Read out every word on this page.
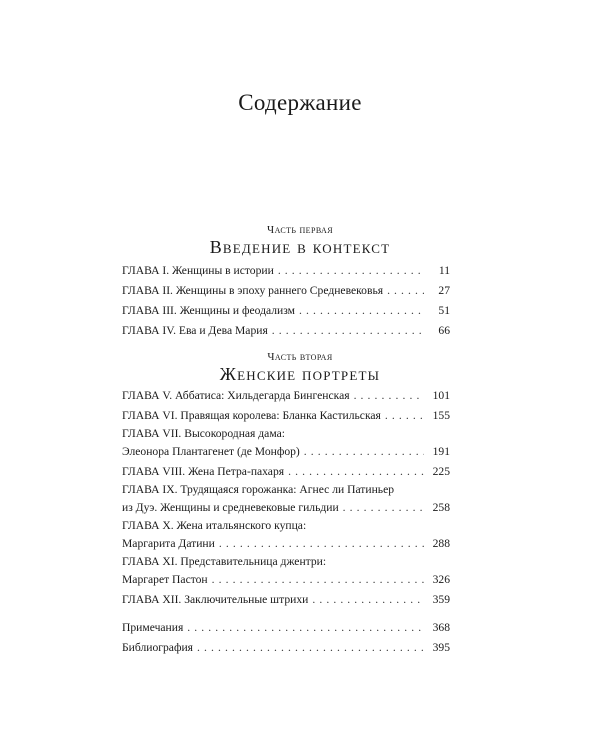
Содержание
Часть первая
Введение в контекст
ГЛАВА I. Женщины в истории . . .	11
ГЛАВА II. Женщины в эпоху раннего Средневековья . . .	27
ГЛАВА III. Женщины и феодализм . . .	51
ГЛАВА IV. Ева и Дева Мария . . .	66
Часть вторая
Женские портреты
ГЛАВА V. Аббатиса: Хильдегарда Бингенская . . .	101
ГЛАВА VI. Правящая королева: Бланка Кастильская . . .	155
ГЛАВА VII. Высокородная дама:
Элеонора Плантагенет (де Монфор) . . .	191
ГЛАВА VIII. Жена Петра-пахаря . . .	225
ГЛАВА IX. Трудящаяся горожанка: Агнес ли Патиньер
из Дуэ. Женщины и средневековые гильдии . . .	258
ГЛАВА X. Жена итальянского купца:
Маргарита Датини . . .	288
ГЛАВА XI. Представительница джентри:
Маргарет Пастон . . .	326
ГЛАВА XII. Заключительные штрихи . . .	359
Примечания . . .	368
Библиография . . .	395
